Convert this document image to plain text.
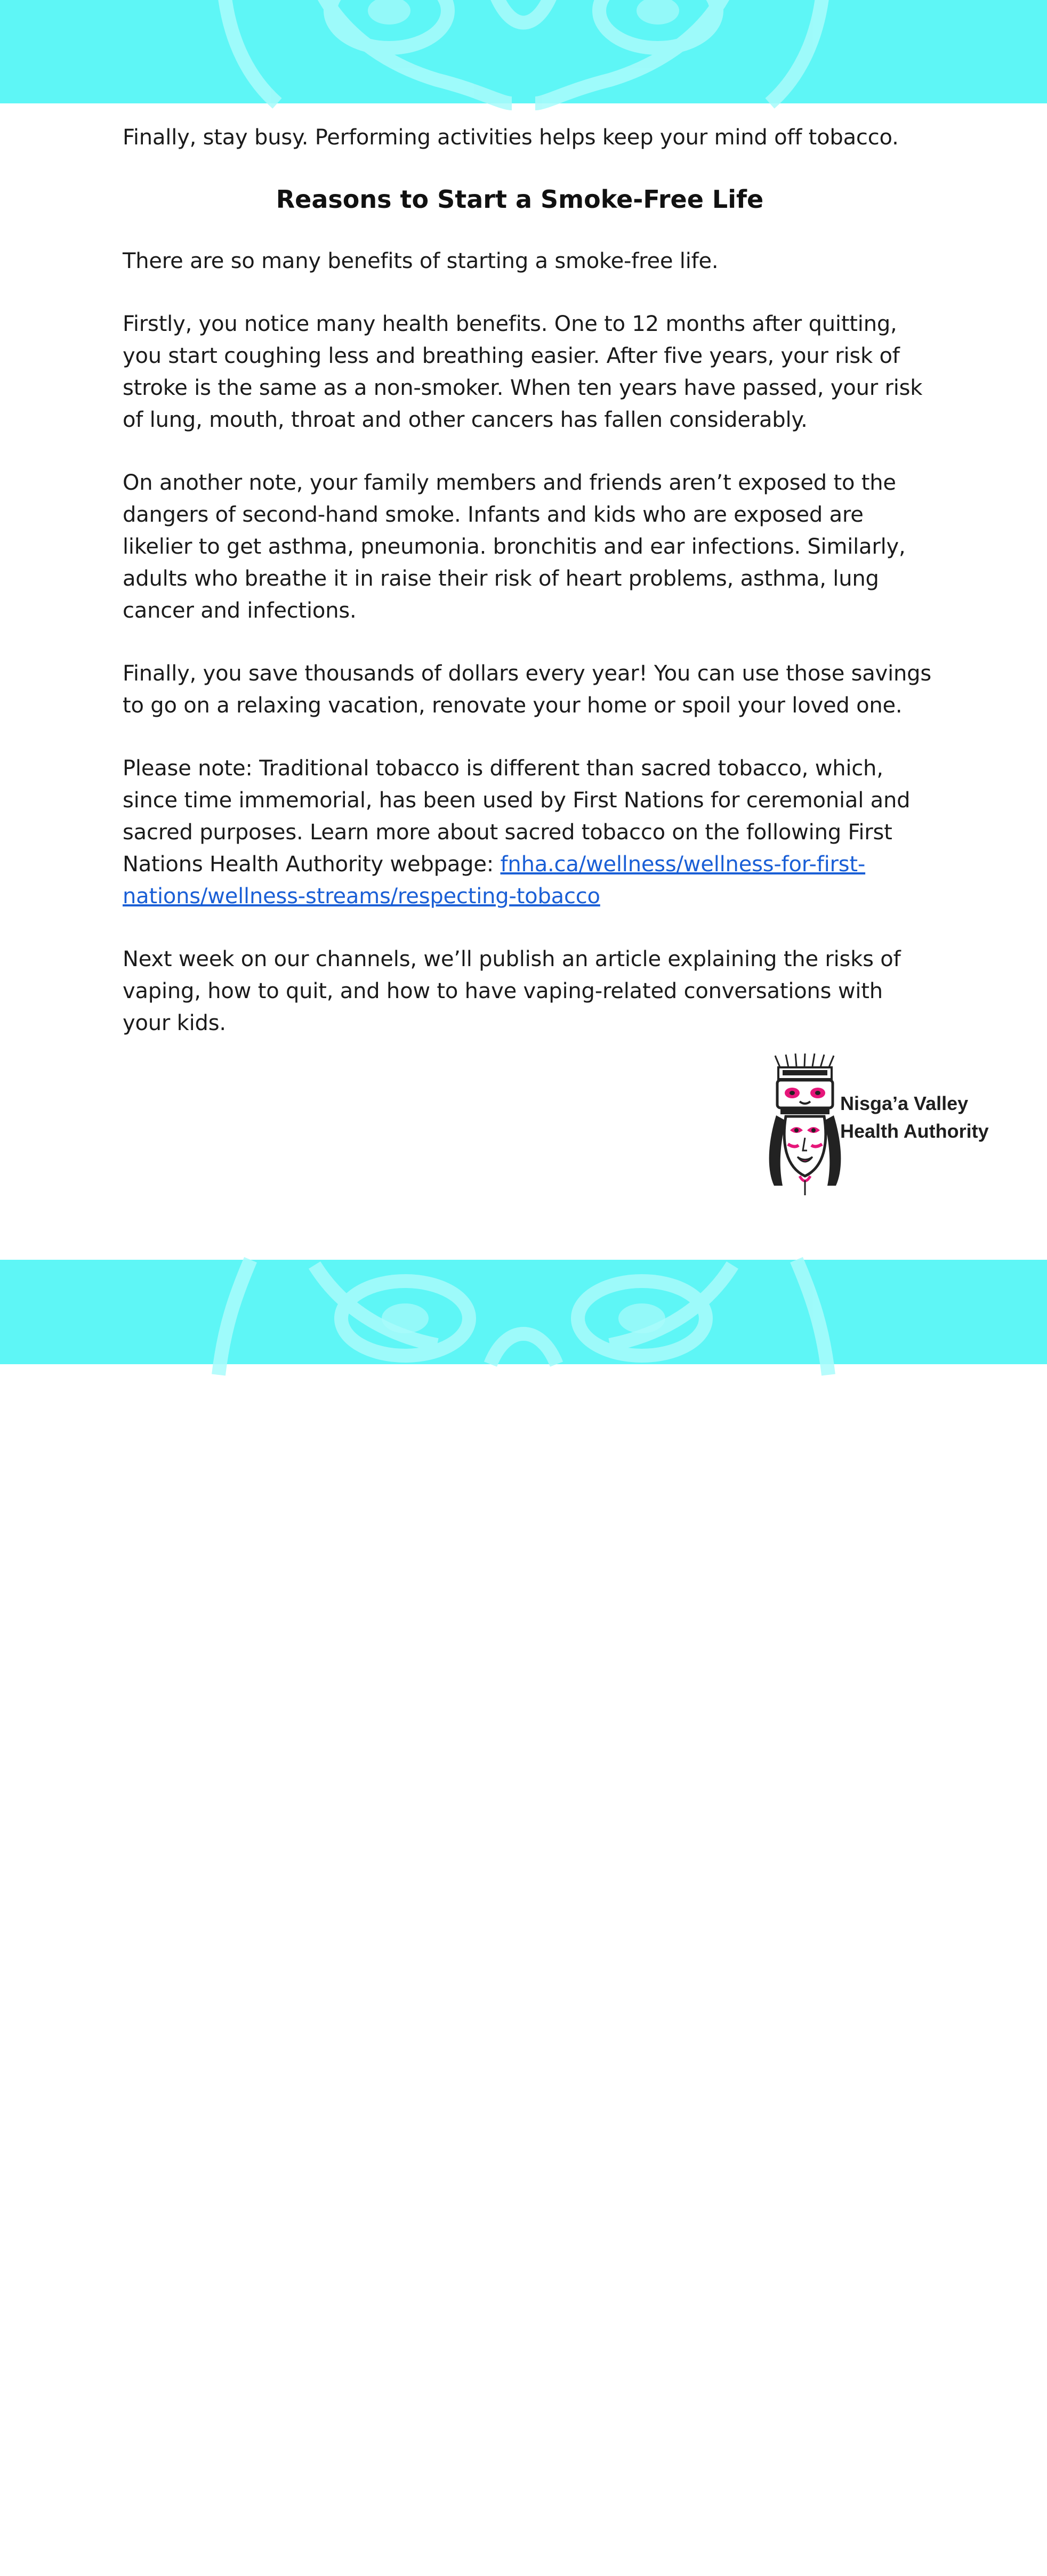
Finally, stay busy. Performing activities helps keep your mind off tobacco.

Reasons to Start a Smoke-Free Life

There are so many benefits of starting a smoke-free life.

Firstly, you notice many health benefits. One to 12 months after quitting, you start coughing less and breathing easier. After five years, your risk of stroke is the same as a non-smoker. When ten years have passed, your risk of lung, mouth, throat and other cancers has fallen considerably.

On another note, your family members and friends aren’t exposed to the dangers of second-hand smoke. Infants and kids who are exposed are likelier to get asthma, pneumonia. bronchitis and ear infections. Similarly, adults who breathe it in raise their risk of heart problems, asthma, lung cancer and infections.

Finally, you save thousands of dollars every year! You can use those savings to go on a relaxing vacation, renovate your home or spoil your loved one.

Please note: Traditional tobacco is different than sacred tobacco, which, since time immemorial, has been used by First Nations for ceremonial and sacred purposes. Learn more about sacred tobacco on the following First Nations Health Authority webpage: fnha.ca/wellness/wellness-for-first-nations/wellness-streams/respecting-tobacco

Next week on our channels, we’ll publish an article explaining the risks of vaping, how to quit, and how to have vaping-related conversations with your kids.

Nisga’a Valley
Health Authority
2
